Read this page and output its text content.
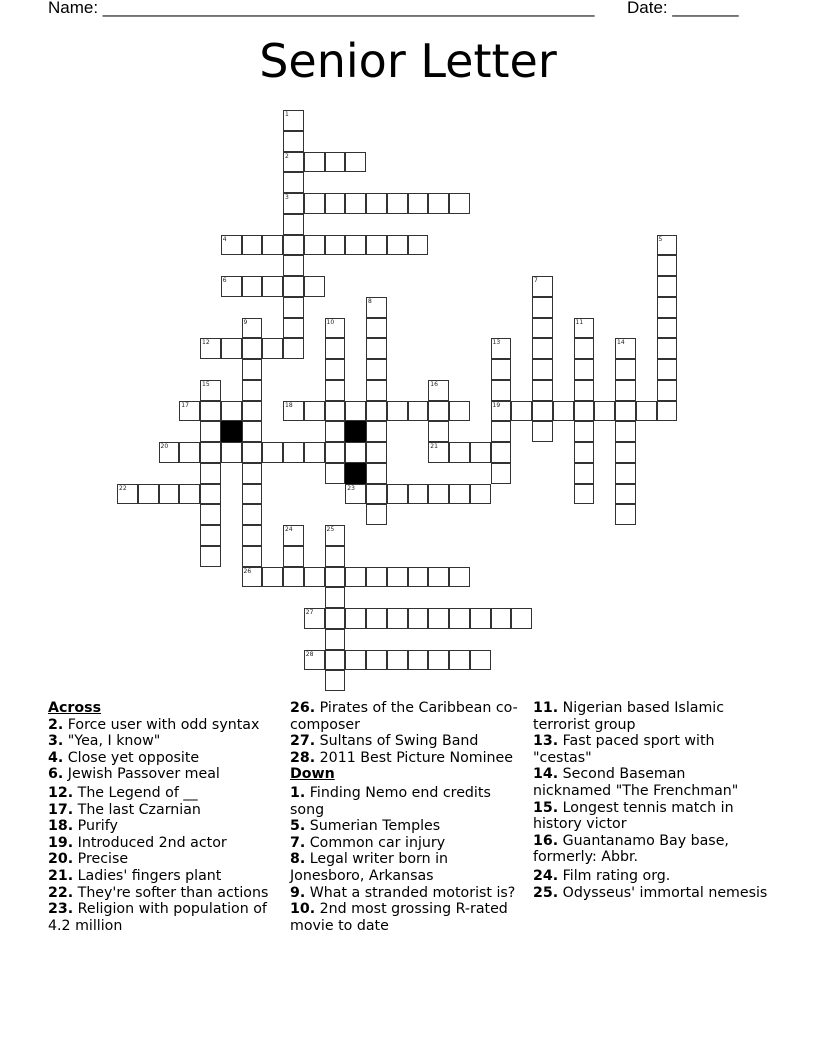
Name: ____________________________________________________ Date: _______
Senior Letter
1
2
3
4	5
6	7
8
9
26
10	11
12	13
19
14
15	16
17	18
20	21
22	23
24	25
27
28
Across
2. Force user with odd syntax
3. "Yea, I know"
4. Close yet opposite
6. Jewish Passover meal
12. The Legend of __
17. The last Czarnian
18. Purify
19. Introduced 2nd actor
20. Precise
21. Ladies' fingers plant
22. They're softer than actions
23. Religion with population of 4.2 million
26. Pirates of the Caribbean co-composer
27. Sultans of Swing Band
28. 2011 Best Picture Nominee
Down
1. Finding Nemo end credits song
5. Sumerian Temples
7. Common car injury
8. Legal writer born in Jonesboro, Arkansas
9. What a stranded motorist is?
10. 2nd most grossing R-rated movie to date
11. Nigerian based Islamic terrorist group
13. Fast paced sport with "cestas"
14. Second Baseman nicknamed "The Frenchman"
15. Longest tennis match in history victor
16. Guantanamo Bay base, formerly: Abbr.
24. Film rating org.
25. Odysseus' immortal nemesis
